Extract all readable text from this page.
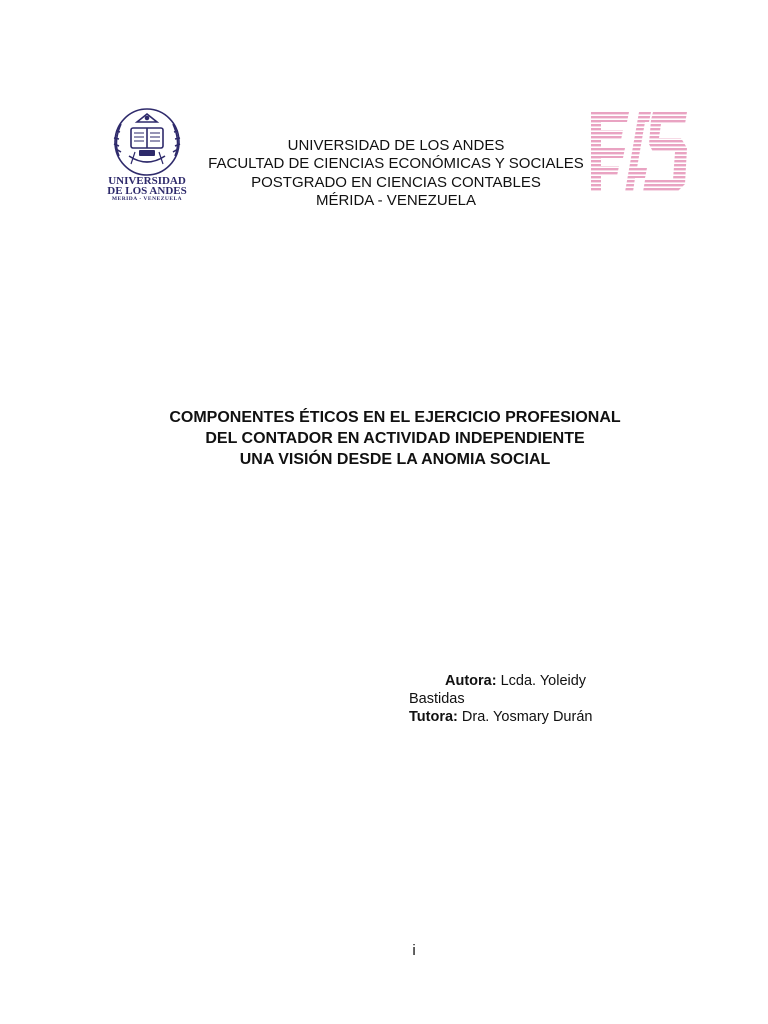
UNIVERSIDAD
DE LOS ANDES
MERIDA - VENEZUELA
UNIVERSIDAD DE LOS ANDES
FACULTAD DE CIENCIAS ECONÓMICAS Y SOCIALES
POSTGRADO EN CIENCIAS CONTABLES
MÉRIDA - VENEZUELA
COMPONENTES ÉTICOS EN EL EJERCICIO PROFESIONAL
DEL CONTADOR EN ACTIVIDAD INDEPENDIENTE
UNA VISIÓN DESDE LA ANOMIA SOCIAL
Autora: Lcda. Yoleidy
Bastidas
Tutora: Dra. Yosmary Durán
i
